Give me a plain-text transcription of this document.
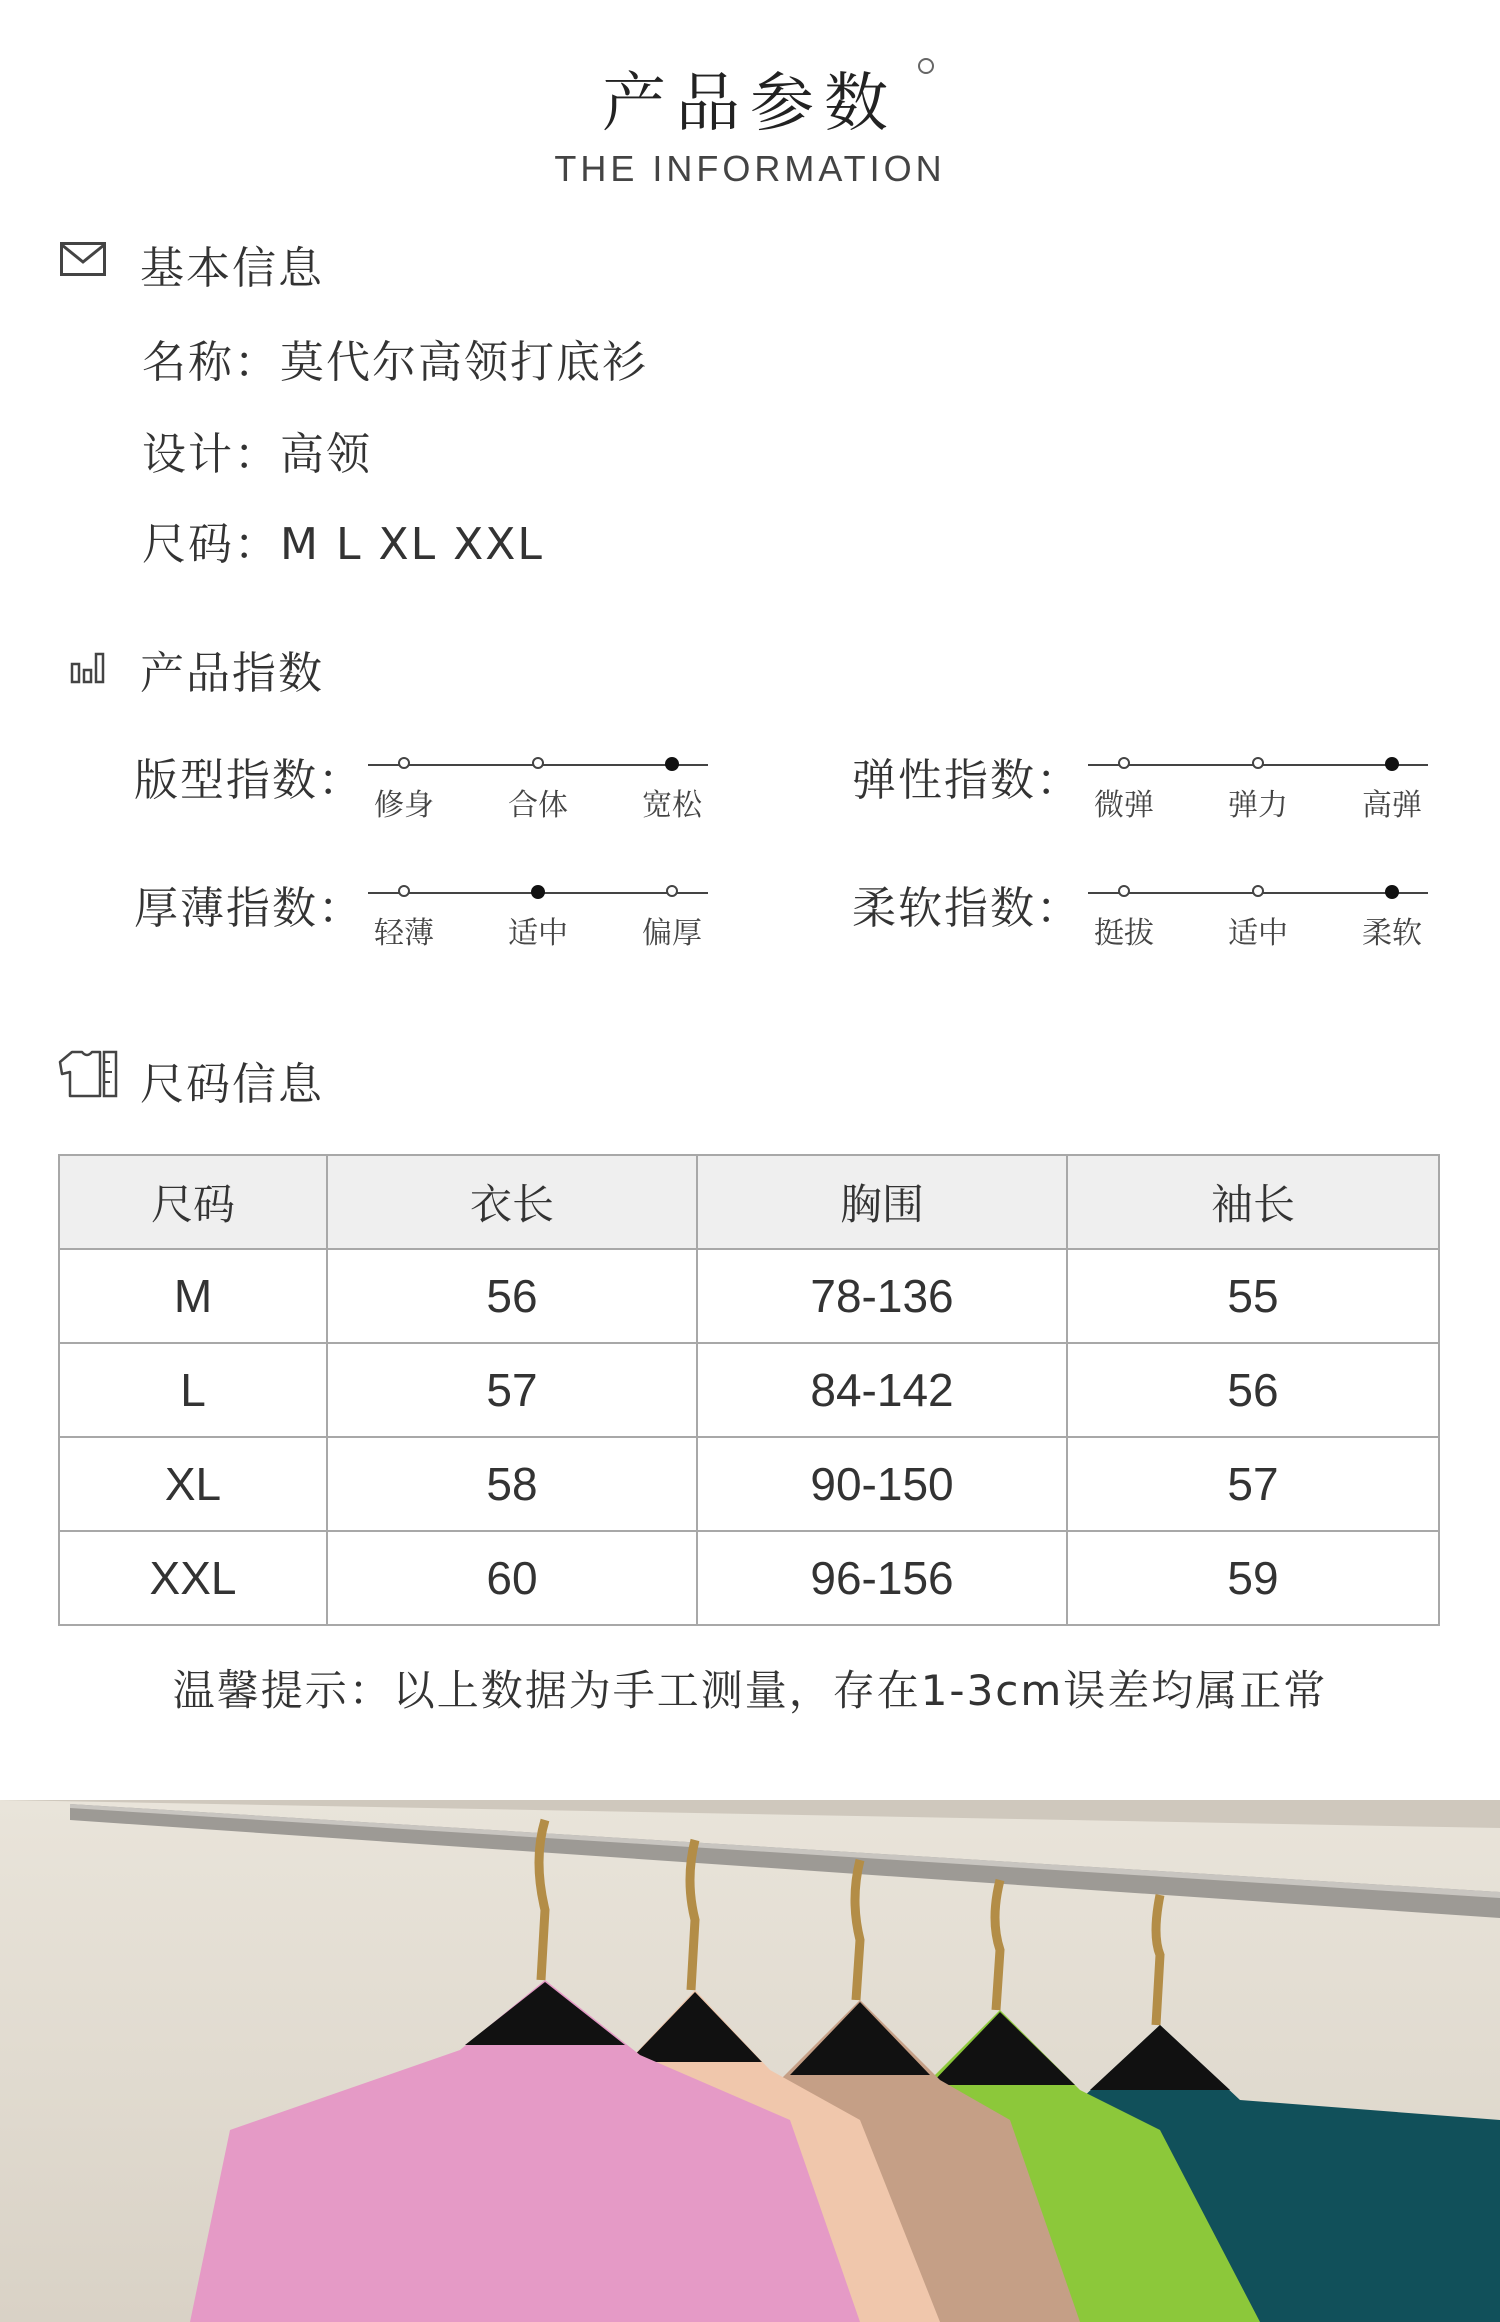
产品参数
THE INFORMATION
基本信息
名称：莫代尔高领打底衫
设计：高领
尺码：M L XL XXL
产品指数
版型指数： 修身 合体 宽松	弹性指数： 微弹 弹力 高弹
厚薄指数： 轻薄 适中 偏厚	柔软指数： 挺拔 适中 柔软
尺码信息
尺码	衣长	胸围	袖长
M	56	78-136	55
L	57	84-142	56
XL	58	90-150	57
XXL	60	96-156	59
温馨提示：以上数据为手工测量，存在1-3cm误差均属正常
